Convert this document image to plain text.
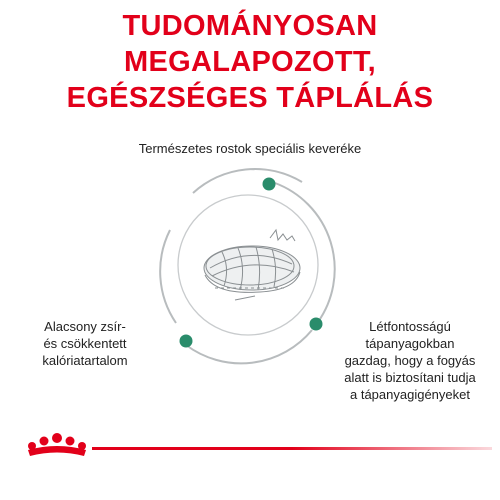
TUDOMÁNYOSAN MEGALAPOZOTT,
EGÉSZSÉGES TÁPLÁLÁS
Természetes rostok speciális keveréke
Alacsony zsír-
és csökkentett
kalóriatartalom
Létfontosságú
tápanyagokban
gazdag, hogy a fogyás
alatt is biztosítani tudja
a tápanyagigényeket
